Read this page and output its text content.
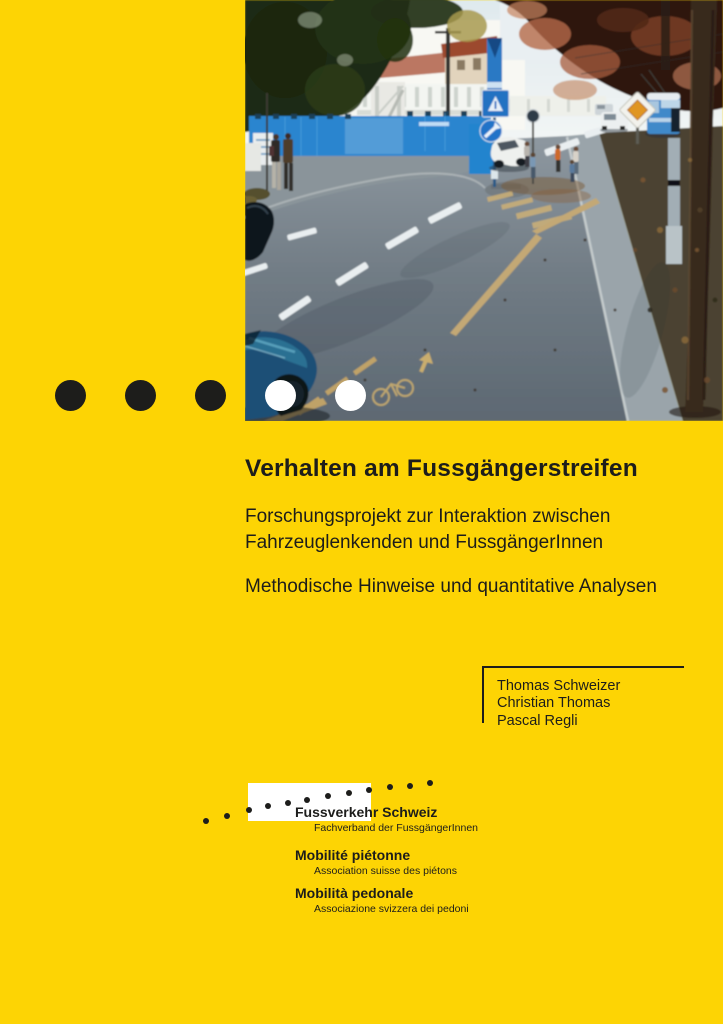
Verhalten am Fussgängerstreifen
Forschungsprojekt zur Interaktion zwischen
Fahrzeuglenkenden und FussgängerInnen
Methodische Hinweise und quantitative Analysen
Thomas Schweizer
Christian Thomas
Pascal Regli
Fussverkehr Schweiz
Fachverband der FussgängerInnen
Mobilité piétonne
Association suisse des piétons
Mobilità pedonale
Associazione svizzera dei pedoni
